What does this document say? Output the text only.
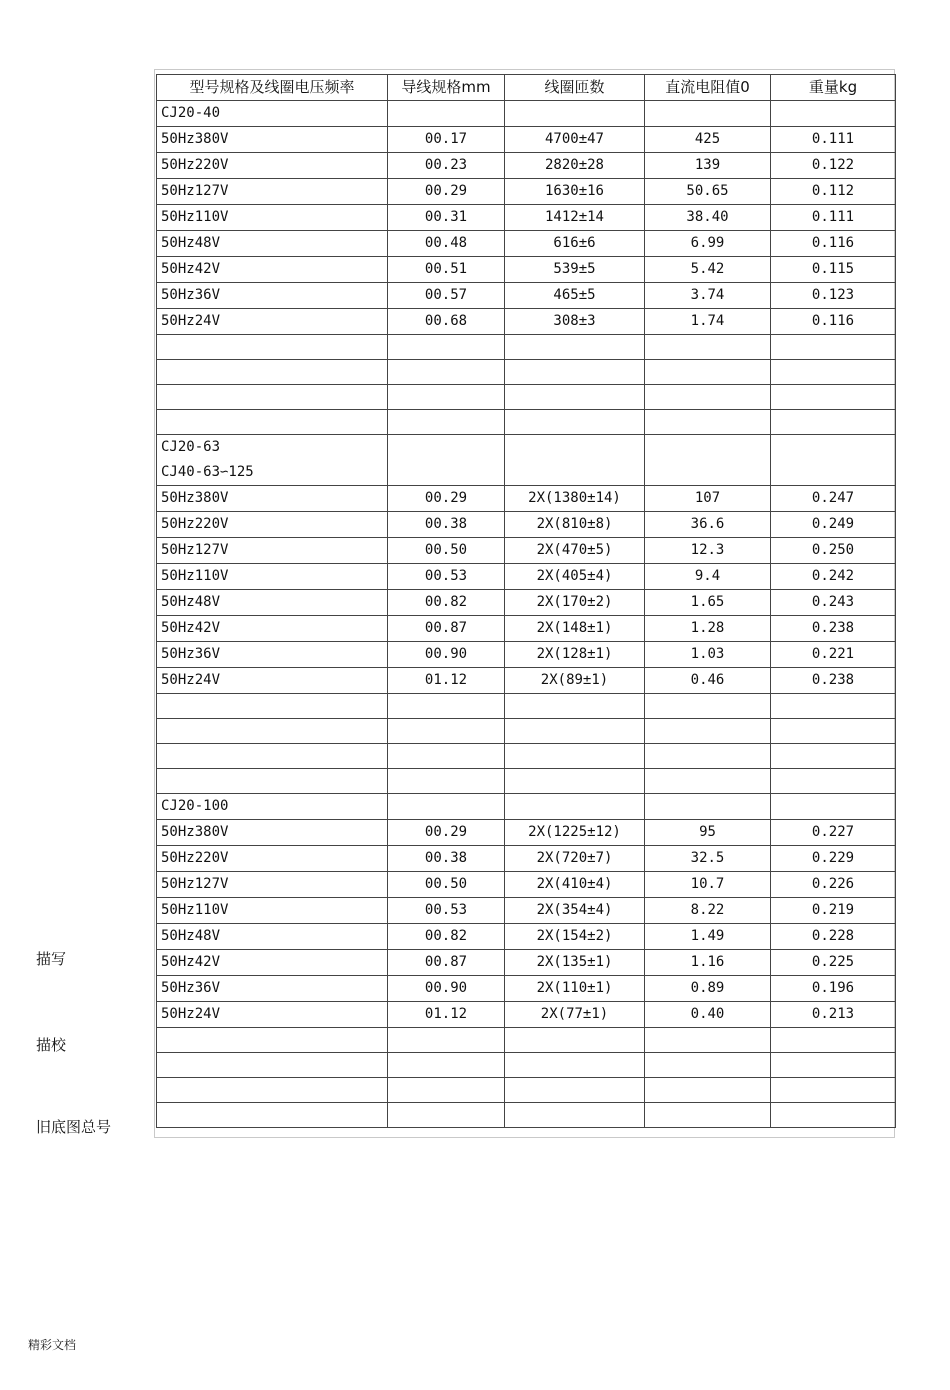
型号规格及线圈电压频率	导线规格mm	线圈匝数	直流电阻值0	重量kg

CJ20-40				

50Hz380V	00.17	4700±47	425	0.111
50Hz220V	00.23	2820±28	139	0.122
50Hz127V	00.29	1630±16	50.65	0.112
50Hz110V	00.31	1412±14	38.40	0.111
50Hz48V	00.48	616±6	6.99	0.116
50Hz42V	00.51	539±5	5.42	0.115
50Hz36V	00.57	465±5	3.74	0.123
50Hz24V	00.68	308±3	1.74	0.116

CJ20-63
CJ40-63∽125				

50Hz380V	00.29	2X(1380±14)	107	0.247
50Hz220V	00.38	2X(810±8)	36.6	0.249
50Hz127V	00.50	2X(470±5)	12.3	0.250
50Hz110V	00.53	2X(405±4)	9.4	0.242
50Hz48V	00.82	2X(170±2)	1.65	0.243
50Hz42V	00.87	2X(148±1)	1.28	0.238
50Hz36V	00.90	2X(128±1)	1.03	0.221
50Hz24V	01.12	2X(89±1)	0.46	0.238

CJ20-100				

50Hz380V	00.29	2X(1225±12)	95	0.227
50Hz220V	00.38	2X(720±7)	32.5	0.229
50Hz127V	00.50	2X(410±4)	10.7	0.226
50Hz110V	00.53	2X(354±4)	8.22	0.219
50Hz48V	00.82	2X(154±2)	1.49	0.228
50Hz42V	00.87	2X(135±1)	1.16	0.225
50Hz36V	00.90	2X(110±1)	0.89	0.196
50Hz24V	01.12	2X(77±1)	0.40	0.213

描写
描校
旧底图总号
精彩文档
